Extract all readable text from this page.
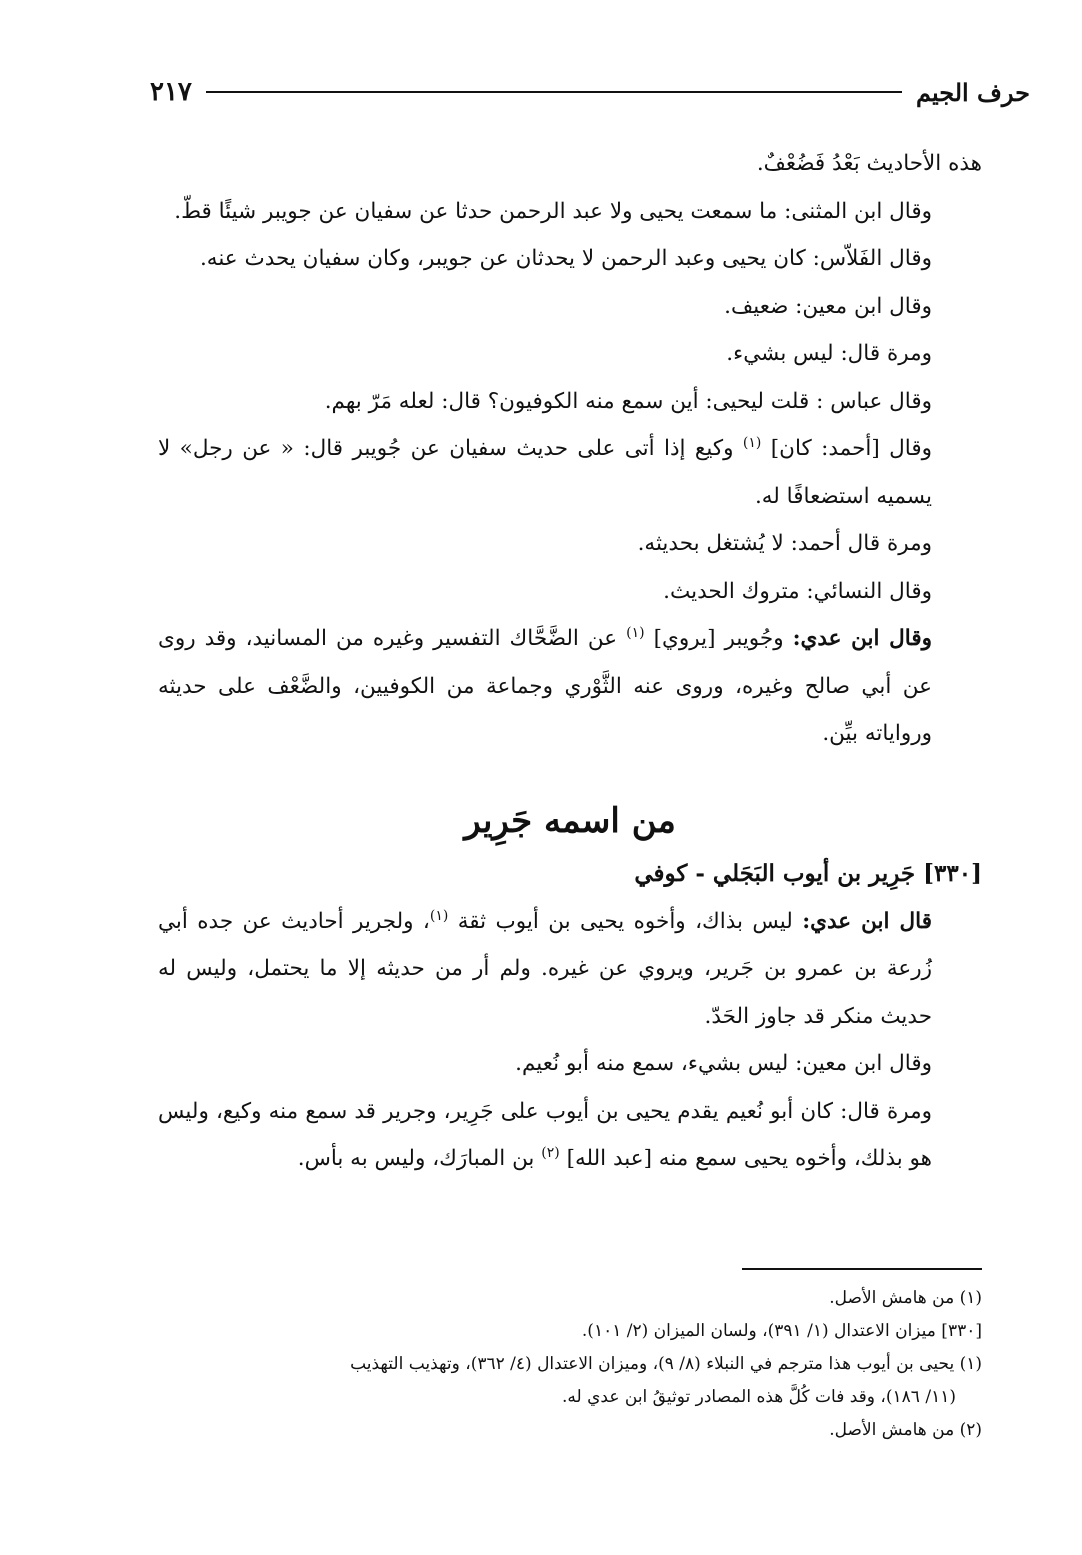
حرف الجيم
٢١٧

هذه الأحاديث بَعْدُ فَضُعْفٌ.

وقال ابن المثنى: ما سمعت يحيى ولا عبد الرحمن حدثا عن سفيان عن جويبر شيئًا قطّ.

وقال الفَلاّس: كان يحيى وعبد الرحمن لا يحدثان عن جويبر، وكان سفيان يحدث عنه.

وقال ابن معين: ضعيف.

ومرة قال: ليس بشيء.

وقال عباس : قلت ليحيى: أين سمع منه الكوفيون؟ قال: لعله مَرّ بهم.

وقال [أحمد: كان] $^{(١)}$ وكيع إذا أتى على حديث سفيان عن جُويبر قال: « عن رجل» لا يسميه استضعافًا له.

ومرة قال أحمد: لا يُشتغل بحديثه.

وقال النسائي: متروك الحديث.

وقال ابن عدي: وجُويبر [يروي] $^{(١)}$ عن الضَّحَّاك التفسير وغيره من المسانيد، وقد روى عن أبي صالح وغيره، وروى عنه الثَّوْري وجماعة من الكوفيين، والضَّعْف على حديثه ورواياته بيِّن.

من اسمه جَرِير
[٣٣٠] جَرِير بن أيوب البَجَلي - كوفي

قال ابن عدي: ليس بذاك، وأخوه يحيى بن أيوب ثقة $^{(١)}$، ولجرير أحاديث عن جده أبي زُرعة بن عمرو بن جَرير، ويروي عن غيره. ولم أر من حديثه إلا ما يحتمل، وليس له حديث منكر قد جاوز الحَدّ.

وقال ابن معين: ليس بشيء، سمع منه أبو نُعيم.

ومرة قال: كان أبو نُعيم يقدم يحيى بن أيوب على جَرِير، وجرير قد سمع منه وكيع، وليس هو بذلك، وأخوه يحيى سمع منه [عبد الله] $^{(٢)}$ بن المبارَك، وليس به بأس.

(١) من هامش الأصل.

[٣٣٠] ميزان الاعتدال (١/ ٣٩١)، ولسان الميزان (٢/ ١٠١).

(١) يحيى بن أيوب هذا مترجم في النبلاء (٨/ ٩)، وميزان الاعتدال (٤/ ٣٦٢)، وتهذيب التهذيب

(١١/ ١٨٦)، وقد فات كُلَّ هذه المصادر توثيقُ ابن عدي له.

(٢) من هامش الأصل.
